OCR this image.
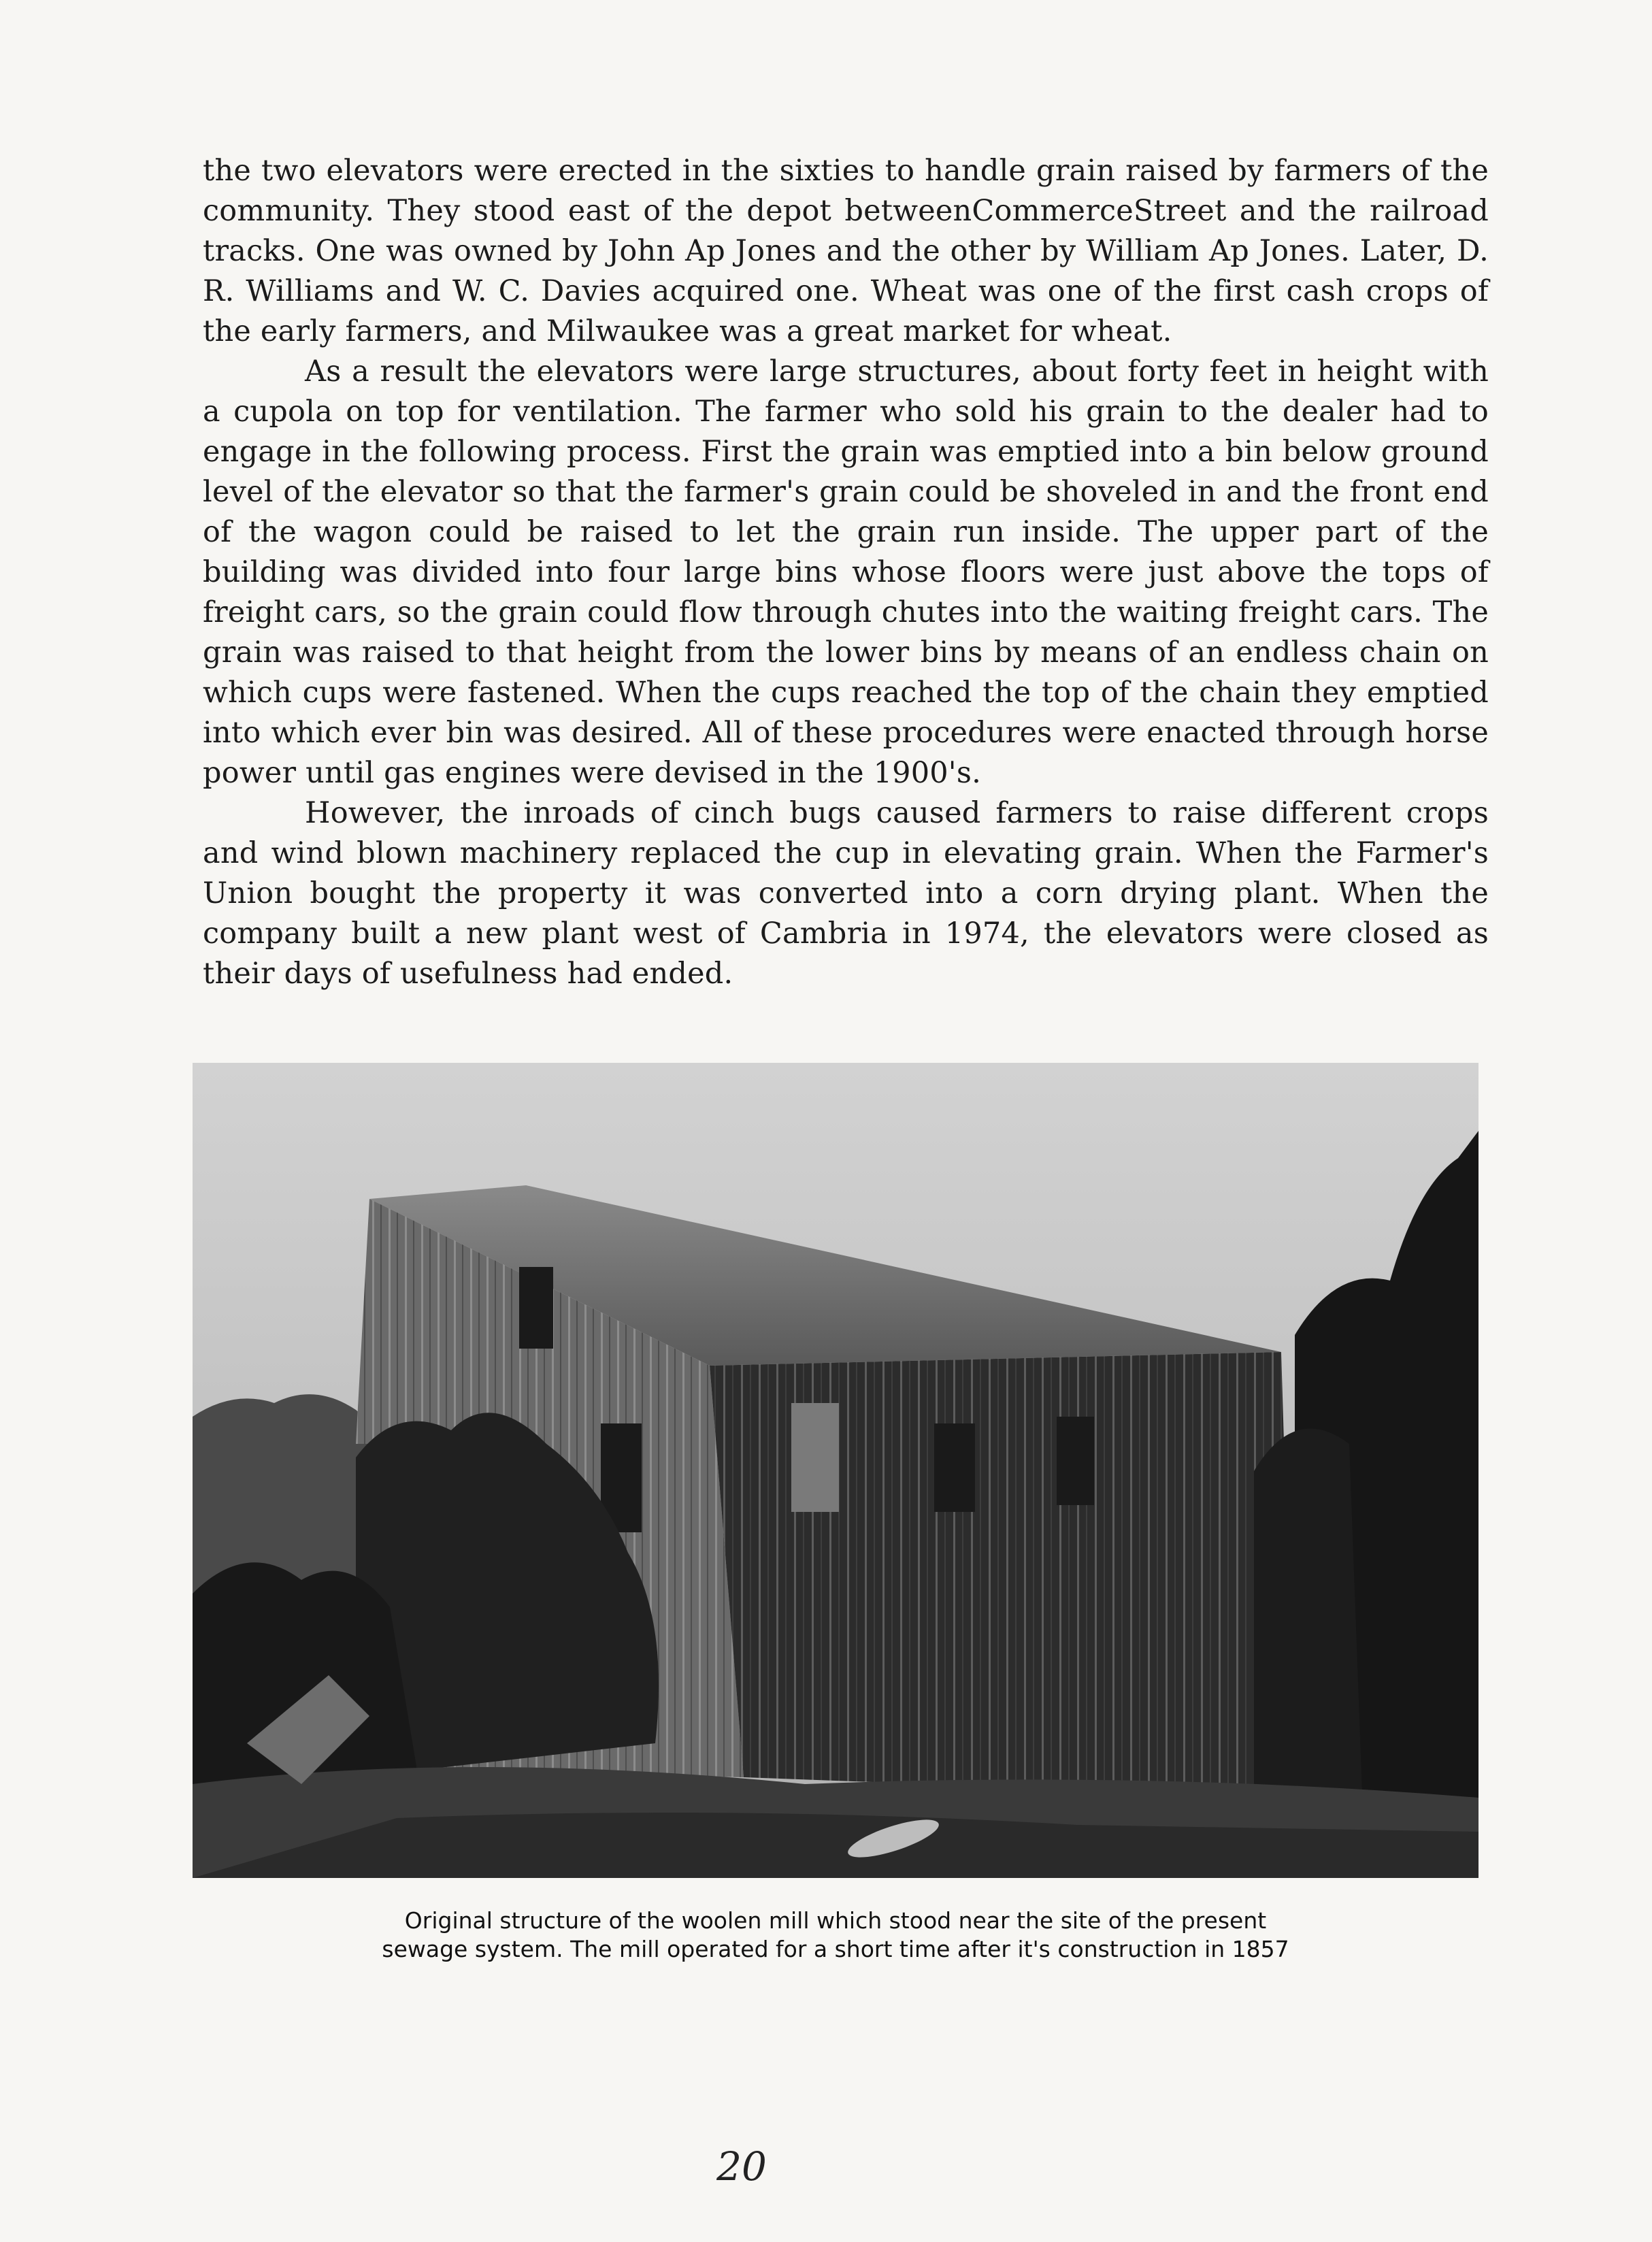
the two elevators were erected in the sixties to handle grain raised by farmers of the community. They stood east of the depot betweenCommerceStreet and the railroad tracks. One was owned by John Ap Jones and the other by William Ap Jones. Later, D. R. Williams and W. C. Davies acquired one. Wheat was one of the first cash crops of the early farmers, and Milwaukee was a great market for wheat.

As a result the elevators were large structures, about forty feet in height with a cupola on top for ventilation. The farmer who sold his grain to the dealer had to engage in the following process. First the grain was emptied into a bin below ground level of the elevator so that the farmer's grain could be shoveled in and the front end of the wagon could be raised to let the grain run inside. The upper part of the building was divided into four large bins whose floors were just above the tops of freight cars, so the grain could flow through chutes into the waiting freight cars. The grain was raised to that height from the lower bins by means of an endless chain on which cups were fastened. When the cups reached the top of the chain they emptied into which ever bin was desired. All of these procedures were enacted through horse power until gas engines were devised in the 1900's.

However, the inroads of cinch bugs caused farmers to raise different crops and wind blown machinery replaced the cup in elevating grain. When the Farmer's Union bought the property it was converted into a corn drying plant. When the company built a new plant west of Cambria in 1974, the elevators were closed as their days of usefulness had ended.

Original structure of the woolen mill which stood near the site of the present
sewage system. The mill operated for a short time after it's construction in 1857
20
